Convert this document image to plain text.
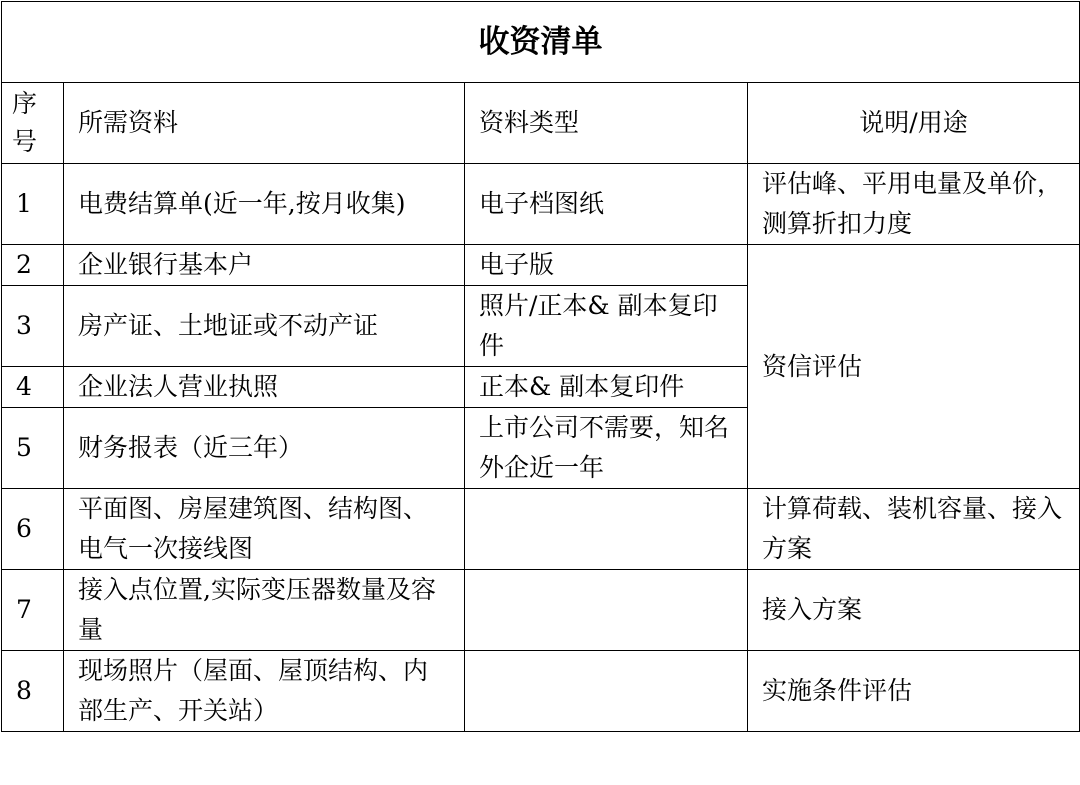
收资清单			

序号	所需资料	资料类型	说明/用途
1	电费结算单(近一年,按月收集)	电子档图纸	评估峰、平用电量及单价，测算折扣力度
2	企业银行基本户	电子版	资信评估
3	房产证、土地证或不动产证	照片/正本& 副本复印件	
4	企业法人营业执照	正本& 副本复印件	
5	财务报表（近三年）	上市公司不需要，知名外企近一年	
6	平面图、房屋建筑图、结构图、电气一次接线图		计算荷载、装机容量、接入方案
7	接入点位置,实际变压器数量及容量		接入方案
8	现场照片（屋面、屋顶结构、内部生产、开关站）		实施条件评估
